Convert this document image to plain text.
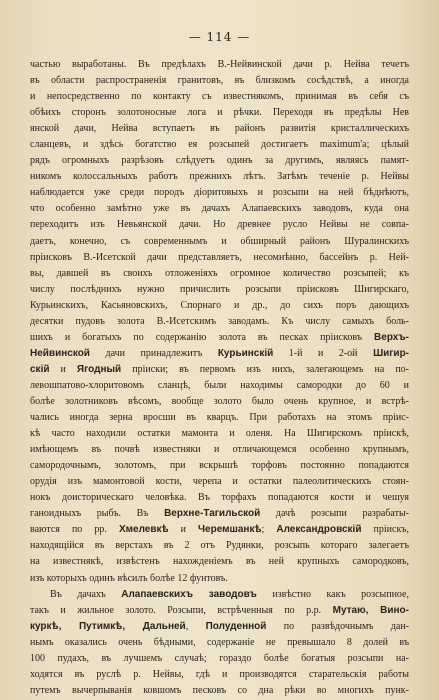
— 114 —
частью выработаны. Въ предѣлахъ В.-Нейвинской дачи р. Нейва течетъ
въ области распространенія гранитовъ, въ близкомъ сосѣдствѣ, а иногда
и непосредственно по контакту съ известнякомъ, принимая въ себя съ
обѣихъ сторонъ золотоносные лога и рѣчки. Переходя въ предѣлы Нев
янской дачи, Нейва вступаетъ въ районъ развитія кристаллическихъ
сланцевъ, и здѣсь богатство ея розсыпей достигаетъ maximum'a; цѣлый
рядъ огромныхъ разрѣзовъ слѣдуетъ одинъ за другимъ, являясь памят-
никомъ колоссальныхъ работъ прежнихъ лѣтъ. Затѣмъ теченіе р. Нейвы
наблюдается уже среди породъ діоритовыхъ и розсыпи на ней бѣднѣютъ,
что особенно замѣтно уже въ дачахъ Алапаевскихъ заводовъ, куда она
переходитъ изъ Невьянской дачи. Но древнее русло Нейвы не совпа-
даетъ, конечно, съ современнымъ и обширный районъ Шуралинскихъ
пріисковъ В.-Исетской дачи представляетъ, несомнѣнно, бассейнъ р. Ней-
вы, давшей въ своихъ отложеніяхъ огромное количество розсыпей; къ
числу послѣднихъ нужно причислить розсыпи пріисковъ Шигирскаго,
Курьинскихъ, Касьяновскихъ, Спорнаго и др., до сихъ поръ дающихъ
десятки пудовъ золота В.-Исетскимъ заводамъ. Къ числу самыхъ боль-
шихъ и богатыхъ по содержанію золота въ песках пріисковъ Верхъ-
Нейвинской дачи принадлежитъ Курьинскій 1-й и 2-ой Шигир-
скій и Ягодный пріиски; въ первомъ изъ нихъ, залегающемъ на по-
левошпатово-хлоритовомъ сланцѣ, были находимы самородки до 60 и
болѣе золотниковъ вѣсомъ, вообще золото было очень крупное, и встрѣ-
чались иногда зерна вросши въ кварцъ. При работахъ на этомъ пріис-
кѣ часто находили остатки мамонта и оленя. На Шигирскомъ пріискѣ,
имѣющемъ въ почвѣ известняки и отличающемся особенно крупнымъ,
самородочнымъ, золотомъ, при вскрышѣ торфовъ постоянно попадаются
орудія изъ мамонтовой кости, черепа и остатки палеолитическихъ стоян-
нокъ доисторическаго человѣка. Въ торфахъ попадаются кости и чешуя
ганоидныхъ рыбъ. Въ Верхне-Тагильской дачѣ розсыпи разрабаты-
ваются по рр. Хмелевкѣ и Черемшанкѣ; Александровскій пріискъ,
находящійся въ верстахъ въ 2 отъ Рудянки, розсыпь котораго залегаетъ
на известнякѣ, извѣстенъ нахожденіемъ въ ней крупныхъ самородковъ,
изъ которыхъ одинъ вѣсилъ болѣе 12 фунтовъ.
Въ дачахъ Алапаевскихъ заводовъ извѣстно какъ розсыпное,
такъ и жильное золото. Розсыпи, встрѣченныя по р.р. Мутаю, Вино-
куркѣ, Путимкѣ, Дальней, Полуденной по развѣдочнымъ дан-
нымъ оказались очень бѣдными, содержаніе не превышало 8 долей въ
100 пудахъ, въ лучшемъ случаѣ; гораздо болѣе богатыя розсыпи на-
ходятся въ руслѣ р. Нейвы, гдѣ и производятся старательскія работы
путемъ вычерпыванія ковшомъ песковъ со дна рѣки во многихъ пунк-
